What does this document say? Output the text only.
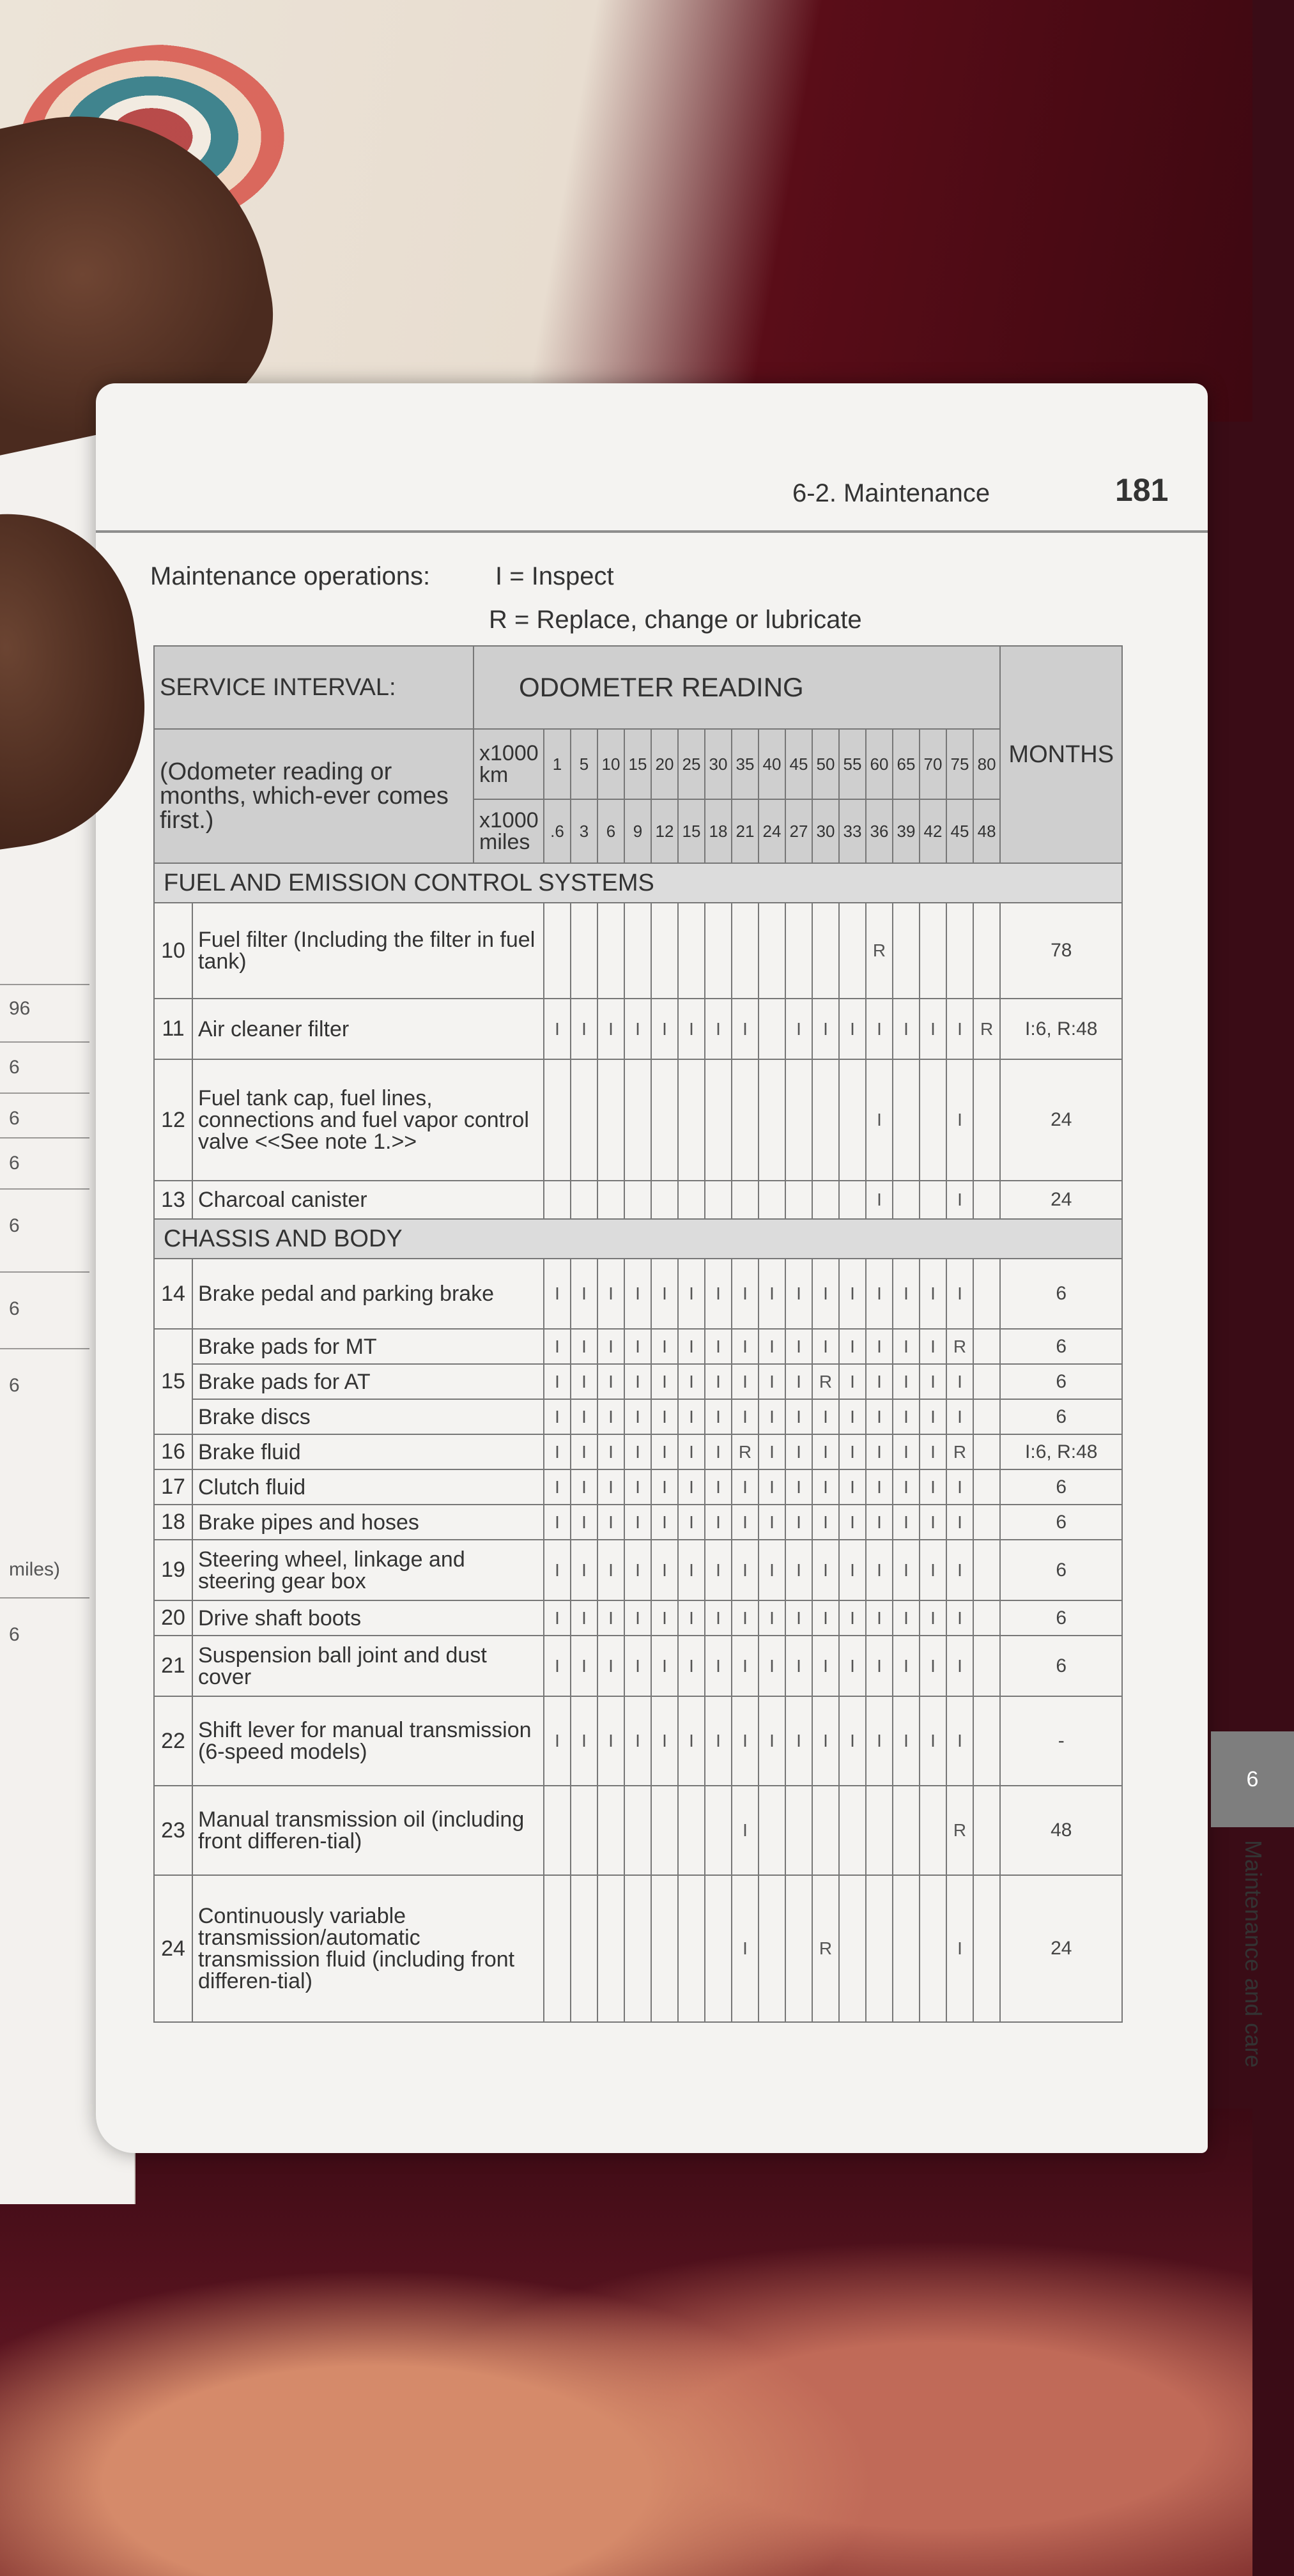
96
6
6
6
6
6
6
miles)
6
6-2. Maintenance	181
Maintenance operations:	I = Inspect
R = Replace, change or lubricate
SERVICE INTERVAL:		ODOMETER READING																		MONTHS
(Odometer reading or months, which-ever comes first.)		x1000 km	1	5	10	15	20	25	30	35	40	45	50	55	60	65	70	75	80	
		x1000 miles	.6	3	6	9	12	15	18	21	24	27	30	33	36	39	42	45	48	
FUEL AND EMISSION CONTROL SYSTEMS																				
10	Fuel filter (Including the filter in fuel tank)														R					78
11	Air cleaner filter		I	I	I	I	I	I	I	I		I	I	I	I	I	I	I	R	I:6, R:48
12	Fuel tank cap, fuel lines, connections and fuel vapor control valve <<See note 1.>>														I			I		24
13	Charcoal canister														I			I		24
CHASSIS AND BODY																				
14	Brake pedal and parking brake		I	I	I	I	I	I	I	I	I	I	I	I	I	I	I	I		6
15	Brake pads for MT		I	I	I	I	I	I	I	I	I	I	I	I	I	I	I	R		6
	Brake pads for AT		I	I	I	I	I	I	I	I	I	I	R	I	I	I	I	I		6
	Brake discs		I	I	I	I	I	I	I	I	I	I	I	I	I	I	I	I		6
16	Brake fluid		I	I	I	I	I	I	I	R	I	I	I	I	I	I	I	R		I:6, R:48
17	Clutch fluid		I	I	I	I	I	I	I	I	I	I	I	I	I	I	I	I		6
18	Brake pipes and hoses		I	I	I	I	I	I	I	I	I	I	I	I	I	I	I	I		6
19	Steering wheel, linkage and steering gear box		I	I	I	I	I	I	I	I	I	I	I	I	I	I	I	I		6
20	Drive shaft boots		I	I	I	I	I	I	I	I	I	I	I	I	I	I	I	I		6
21	Suspension ball joint and dust cover		I	I	I	I	I	I	I	I	I	I	I	I	I	I	I	I		6
22	Shift lever for manual transmission (6-speed models)		I	I	I	I	I	I	I	I	I	I	I	I	I	I	I	I		-
23	Manual transmission oil (including front differen-tial)									I								R		48
24	Continuously variable transmission/automatic transmission fluid (including front differen-tial)									I			R					I		24
6
Maintenance and care
